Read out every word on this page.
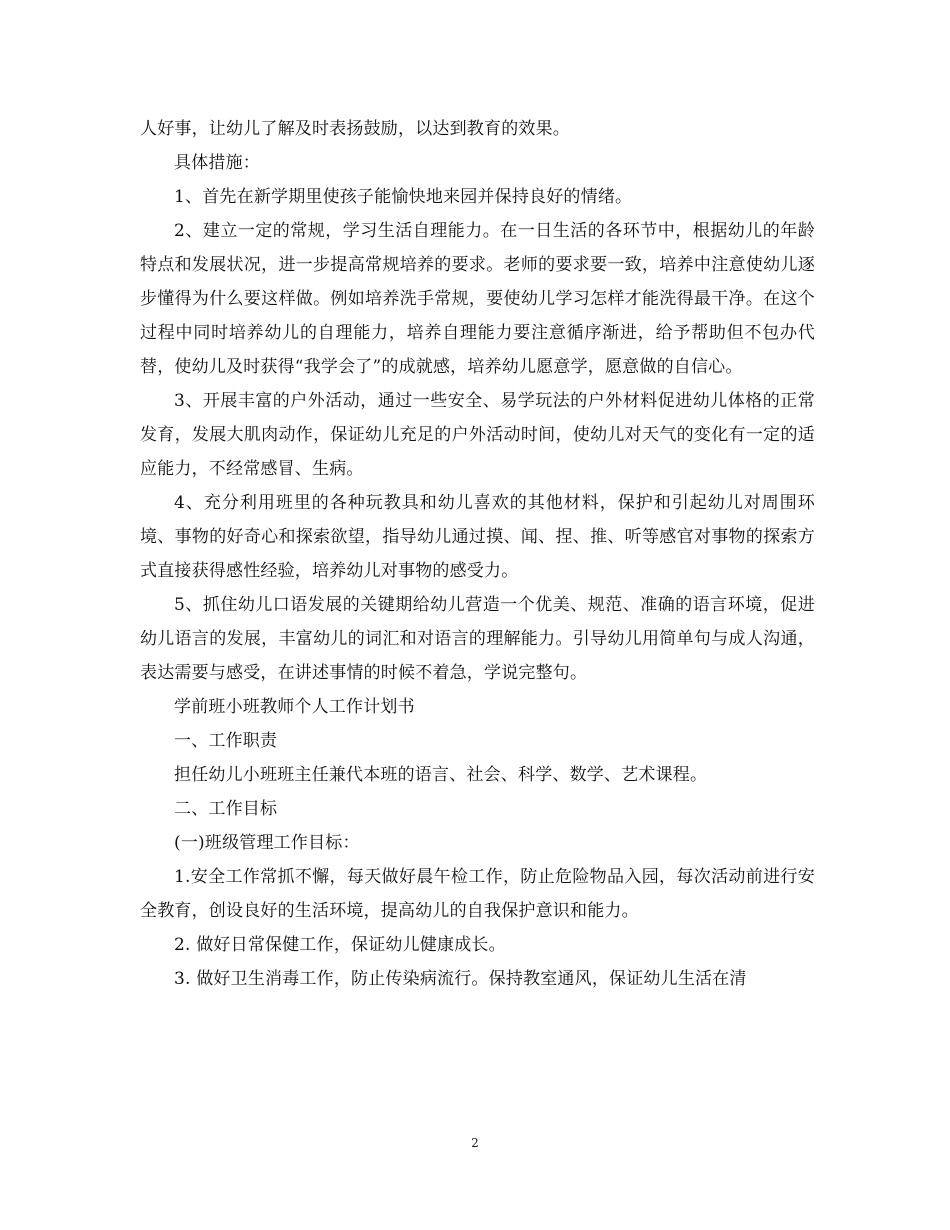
人好事，让幼儿了解及时表扬鼓励，以达到教育的效果。

具体措施：

1、首先在新学期里使孩子能愉快地来园并保持良好的情绪。

2、建立一定的常规，学习生活自理能力。在一日生活的各环节中，根据幼儿的年龄特点和发展状况，进一步提高常规培养的要求。老师的要求要一致，培养中注意使幼儿逐步懂得为什么要这样做。例如培养洗手常规，要使幼儿学习怎样才能洗得最干净。在这个过程中同时培养幼儿的自理能力，培养自理能力要注意循序渐进，给予帮助但不包办代替，使幼儿及时获得“我学会了”的成就感，培养幼儿愿意学，愿意做的自信心。

3、开展丰富的户外活动，通过一些安全、易学玩法的户外材料促进幼儿体格的正常发育，发展大肌肉动作，保证幼儿充足的户外活动时间，使幼儿对天气的变化有一定的适应能力，不经常感冒、生病。

4、充分利用班里的各种玩教具和幼儿喜欢的其他材料，保护和引起幼儿对周围环境、事物的好奇心和探索欲望，指导幼儿通过摸、闻、捏、推、听等感官对事物的探索方式直接获得感性经验，培养幼儿对事物的感受力。

5、抓住幼儿口语发展的关键期给幼儿营造一个优美、规范、准确的语言环境，促进幼儿语言的发展，丰富幼儿的词汇和对语言的理解能力。引导幼儿用简单句与成人沟通，表达需要与感受，在讲述事情的时候不着急，学说完整句。

学前班小班教师个人工作计划书

一、工作职责

担任幼儿小班班主任兼代本班的语言、社会、科学、数学、艺术课程。

二、工作目标

(一)班级管理工作目标：

1.安全工作常抓不懈，每天做好晨午检工作，防止危险物品入园，每次活动前进行安全教育，创设良好的生活环境，提高幼儿的自我保护意识和能力。

2. 做好日常保健工作，保证幼儿健康成长。

3. 做好卫生消毒工作，防止传染病流行。保持教室通风，保证幼儿生活在清

2
